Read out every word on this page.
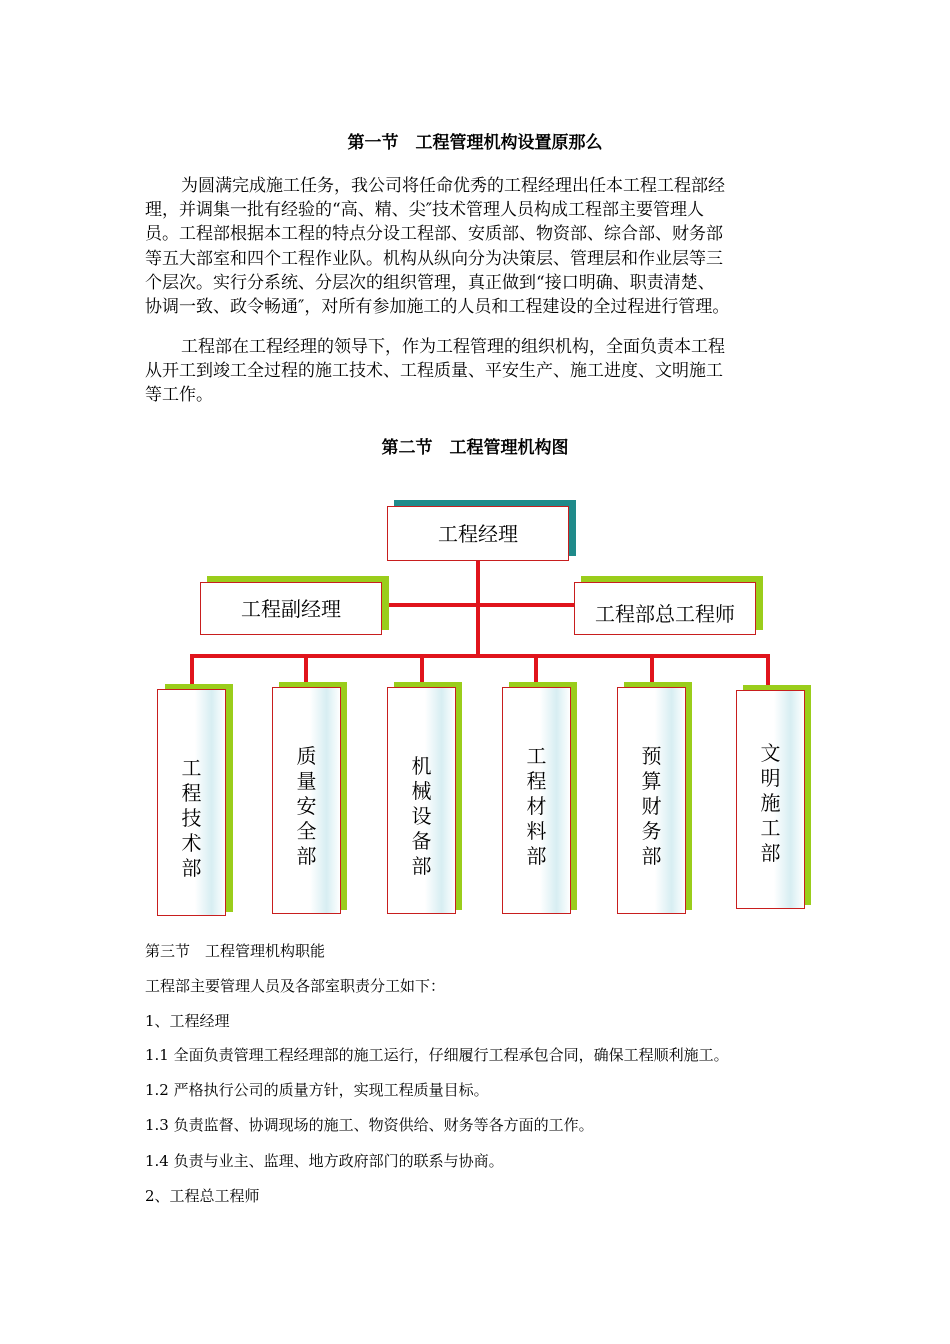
第一节　工程管理机构设置原那么

为圆满完成施工任务，我公司将任命优秀的工程经理出任本工程工程部经
理，并调集一批有经验的“高、精、尖″技术管理人员构成工程部主要管理人
员。工程部根据本工程的特点分设工程部、安质部、物资部、综合部、财务部
等五大部室和四个工程作业队。机构从纵向分为决策层、管理层和作业层等三
个层次。实行分系统、分层次的组织管理，真正做到“接口明确、职责清楚、
协调一致、政令畅通″，对所有参加施工的人员和工程建设的全过程进行管理。

工程部在工程经理的领导下，作为工程管理的组织机构，全面负责本工程
从开工到竣工全过程的施工技术、工程质量、平安生产、施工进度、文明施工
等工作。

第二节　工程管理机构图
工程经理
工程副经理	工程部总工程师
工
程
技
术
部
质
量
安
全
部
机
械
设
备
部
工
程
材
料
部
预
算
财
务
部
文
明
施
工
部
第三节　工程管理机构职能
工程部主要管理人员及各部室职责分工如下：
1、工程经理
1.1 全面负责管理工程经理部的施工运行，仔细履行工程承包合同，确保工程顺利施工。
1.2 严格执行公司的质量方针，实现工程质量目标。
1.3 负责监督、协调现场的施工、物资供给、财务等各方面的工作。
1.4 负责与业主、监理、地方政府部门的联系与协商。
2、工程总工程师
